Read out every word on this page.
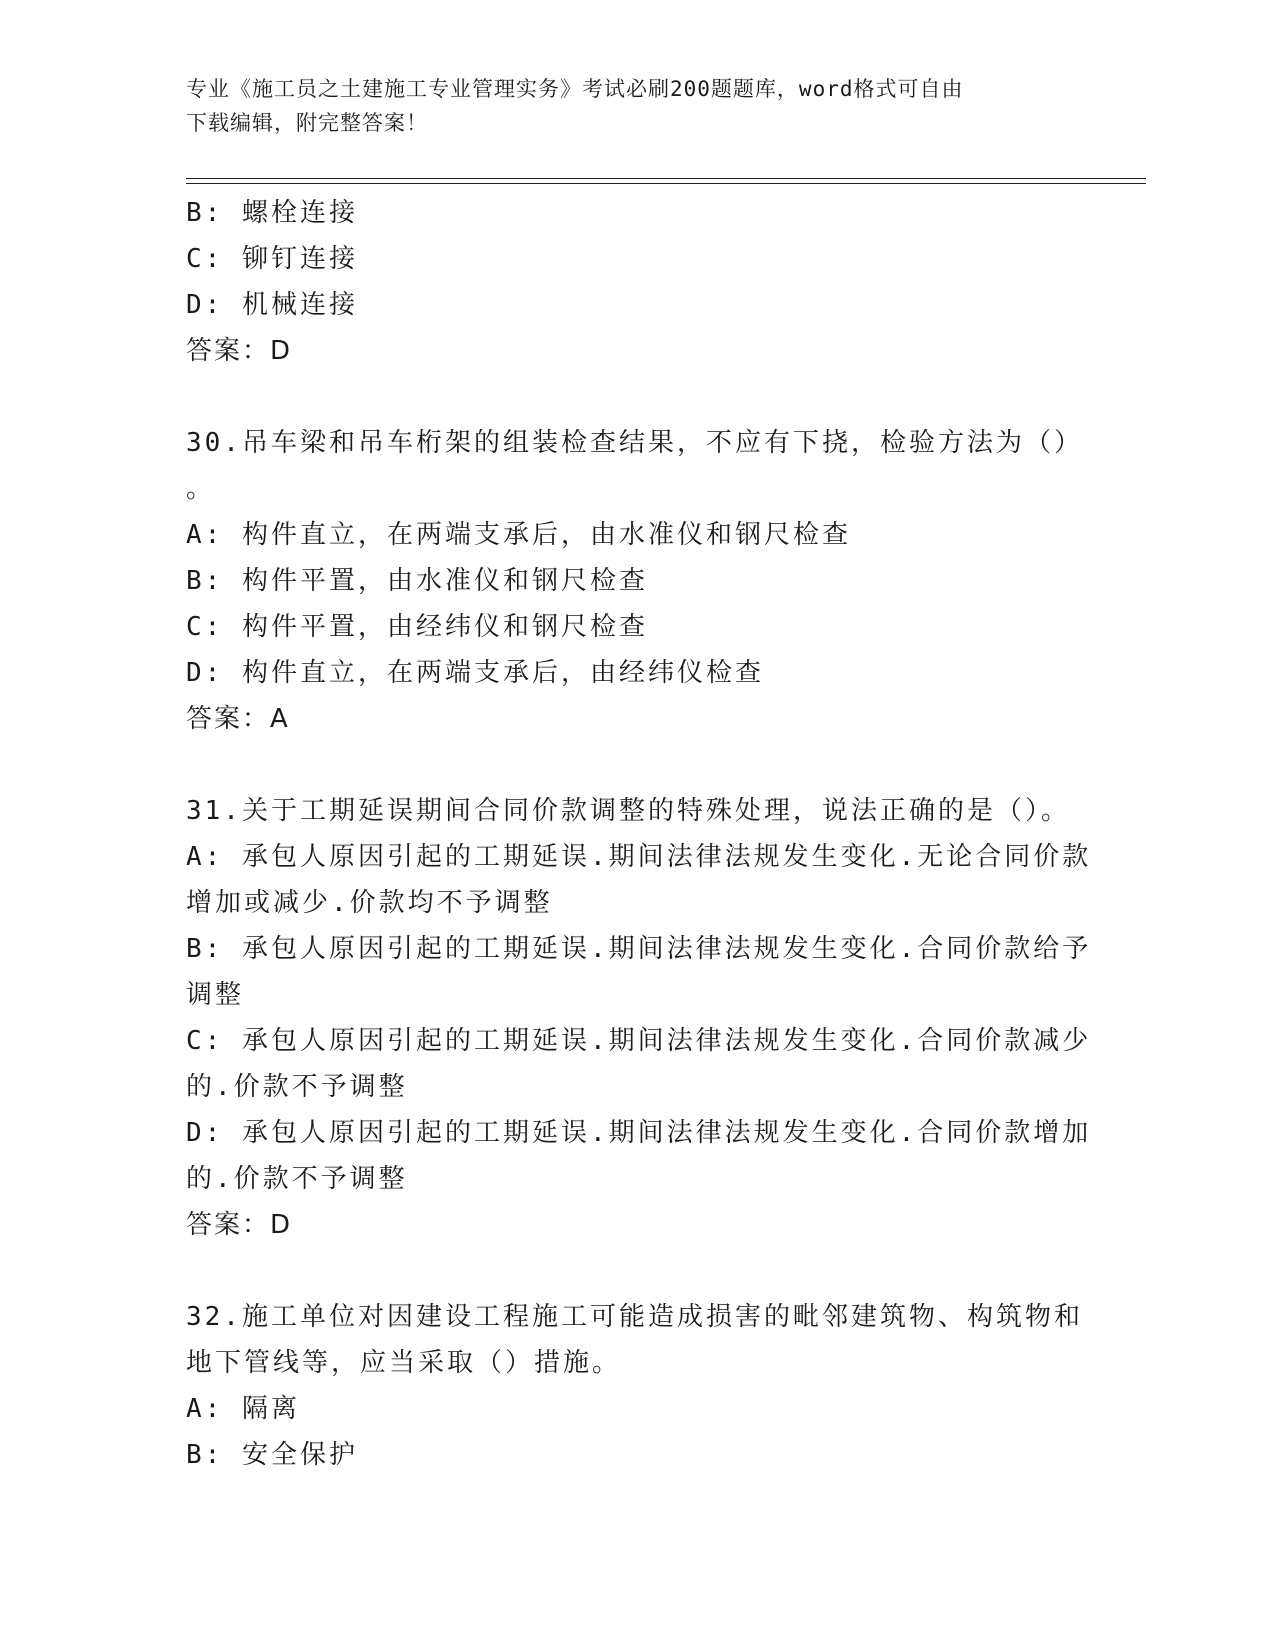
专业《施工员之土建施工专业管理实务》考试必刷200题题库，word格式可自由
下载编辑，附完整答案！
B: 螺栓连接
C: 铆钉连接
D: 机械连接
答案：D
30.吊车梁和吊车桁架的组装检查结果，不应有下挠，检验方法为（）
。
A: 构件直立，在两端支承后，由水准仪和钢尺检查
B: 构件平置，由水准仪和钢尺检查
C: 构件平置，由经纬仪和钢尺检查
D: 构件直立，在两端支承后，由经纬仪检查
答案：A
31.关于工期延误期间合同价款调整的特殊处理，说法正确的是（）。
A: 承包人原因引起的工期延误.期间法律法规发生变化.无论合同价款
增加或减少.价款均不予调整
B: 承包人原因引起的工期延误.期间法律法规发生变化.合同价款给予
调整
C: 承包人原因引起的工期延误.期间法律法规发生变化.合同价款减少
的.价款不予调整
D: 承包人原因引起的工期延误.期间法律法规发生变化.合同价款增加
的.价款不予调整
答案：D
32.施工单位对因建设工程施工可能造成损害的毗邻建筑物、构筑物和
地下管线等，应当采取（）措施。
A: 隔离
B: 安全保护
